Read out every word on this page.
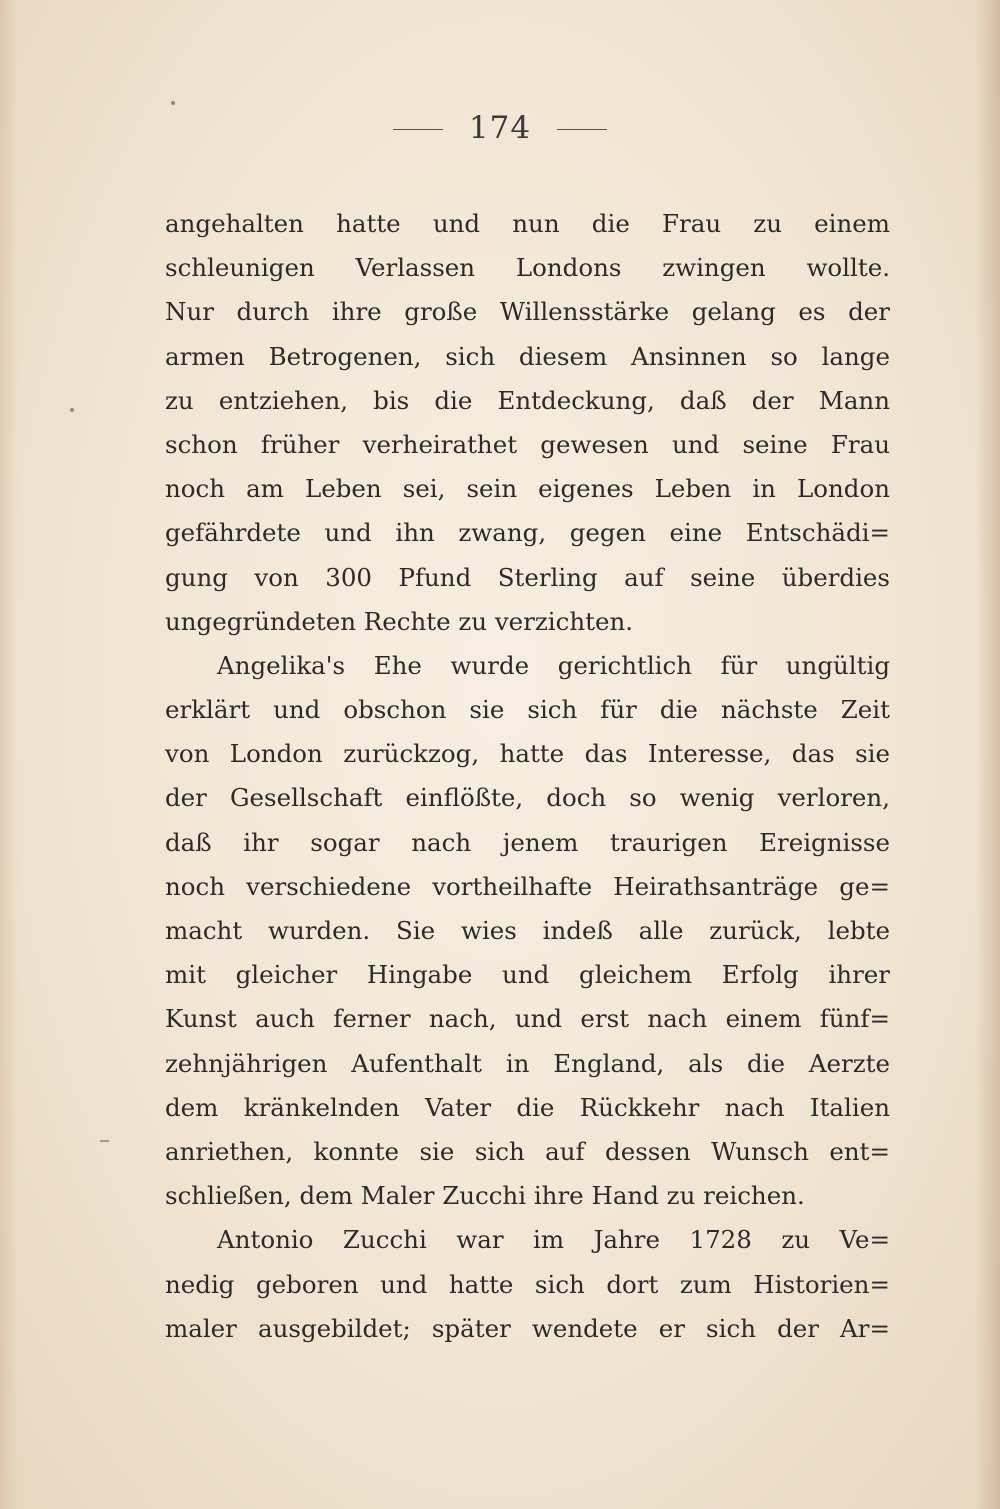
174
angehalten hatte und nun die Frau zu einem
schleunigen Verlassen Londons zwingen wollte.
Nur durch ihre große Willensstärke gelang es der
armen Betrogenen, sich diesem Ansinnen so lange
zu entziehen, bis die Entdeckung, daß der Mann
schon früher verheirathet gewesen und seine Frau
noch am Leben sei, sein eigenes Leben in London
gefährdete und ihn zwang, gegen eine Entschädi=
gung von 300 Pfund Sterling auf seine überdies
ungegründeten Rechte zu verzichten.
Angelika's Ehe wurde gerichtlich für ungültig
erklärt und obschon sie sich für die nächste Zeit
von London zurückzog, hatte das Interesse, das sie
der Gesellschaft einflößte, doch so wenig verloren,
daß ihr sogar nach jenem traurigen Ereignisse
noch verschiedene vortheilhafte Heirathsanträge ge=
macht wurden. Sie wies indeß alle zurück, lebte
mit gleicher Hingabe und gleichem Erfolg ihrer
Kunst auch ferner nach, und erst nach einem fünf=
zehnjährigen Aufenthalt in England, als die Aerzte
dem kränkelnden Vater die Rückkehr nach Italien
anriethen, konnte sie sich auf dessen Wunsch ent=
schließen, dem Maler Zucchi ihre Hand zu reichen.
Antonio Zucchi war im Jahre 1728 zu Ve=
nedig geboren und hatte sich dort zum Historien=
maler ausgebildet; später wendete er sich der Ar=
